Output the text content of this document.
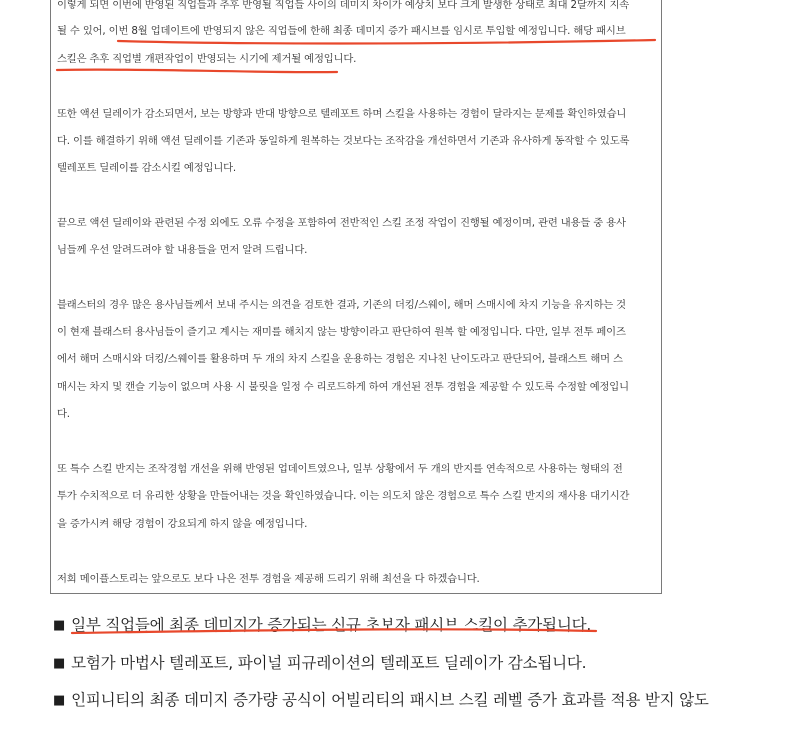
이렇게 되면 이번에 반영된 직업들과 추후 반영될 직업들 사이의 데미지 차이가 예상치 보다 크게 발생한 상태로 최대 2달까지 지속
될 수 있어, 이번 8월 업데이트에 반영되지 않은 직업들에 한해 최종 데미지 증가 패시브를 임시로 투입할 예정입니다. 해당 패시브
스킬은 추후 직업별 개편작업이 반영되는 시기에 제거될 예정입니다.
또한 액션 딜레이가 감소되면서, 보는 방향과 반대 방향으로 텔레포트 하며 스킬을 사용하는 경험이 달라지는 문제를 확인하였습니
다. 이를 해결하기 위해 액션 딜레이를 기존과 동일하게 원복하는 것보다는 조작감을 개선하면서 기존과 유사하게 동작할 수 있도록
텔레포트 딜레이를 감소시킬 예정입니다.
끝으로 액션 딜레이와 관련된 수정 외에도 오류 수정을 포함하여 전반적인 스킬 조정 작업이 진행될 예정이며, 관련 내용들 중 용사
님들께 우선 알려드려야 할 내용들을 먼저 알려 드립니다.
블래스터의 경우 많은 용사님들께서 보내 주시는 의견을 검토한 결과, 기존의 더킹/스웨이, 해머 스매시에 차지 기능을 유지하는 것
이 현재 블래스터 용사님들이 즐기고 계시는 재미를 해치지 않는 방향이라고 판단하여 원복 할 예정입니다. 다만, 일부 전투 페이즈
에서 해머 스매시와 더킹/스웨이를 활용하며 두 개의 차지 스킬을 운용하는 경험은 지나친 난이도라고 판단되어, 블래스트 해머 스
매시는 차지 및 캔슬 기능이 없으며 사용 시 불릿을 일정 수 리로드하게 하여 개선된 전투 경험을 제공할 수 있도록 수정할 예정입니
다.
또 특수 스킬 반지는 조작경험 개선을 위해 반영된 업데이트였으나, 일부 상황에서 두 개의 반지를 연속적으로 사용하는 형태의 전
투가 수치적으로 더 유리한 상황을 만들어내는 것을 확인하였습니다. 이는 의도치 않은 경험으로 특수 스킬 반지의 재사용 대기시간
을 증가시켜 해당 경험이 강요되게 하지 않을 예정입니다.
저희 메이플스토리는 앞으로도 보다 나은 전투 경험을 제공해 드리기 위해 최선을 다 하겠습니다.
■ 일부 직업들에 최종 데미지가 증가되는 신규 초보자 패시브 스킬이 추가됩니다.
■ 모험가 마법사 텔레포트, 파이널 피규레이션의 텔레포트 딜레이가 감소됩니다.
■ 인피니티의 최종 데미지 증가량 공식이 어빌리티의 패시브 스킬 레벨 증가 효과를 적용 받지 않도
